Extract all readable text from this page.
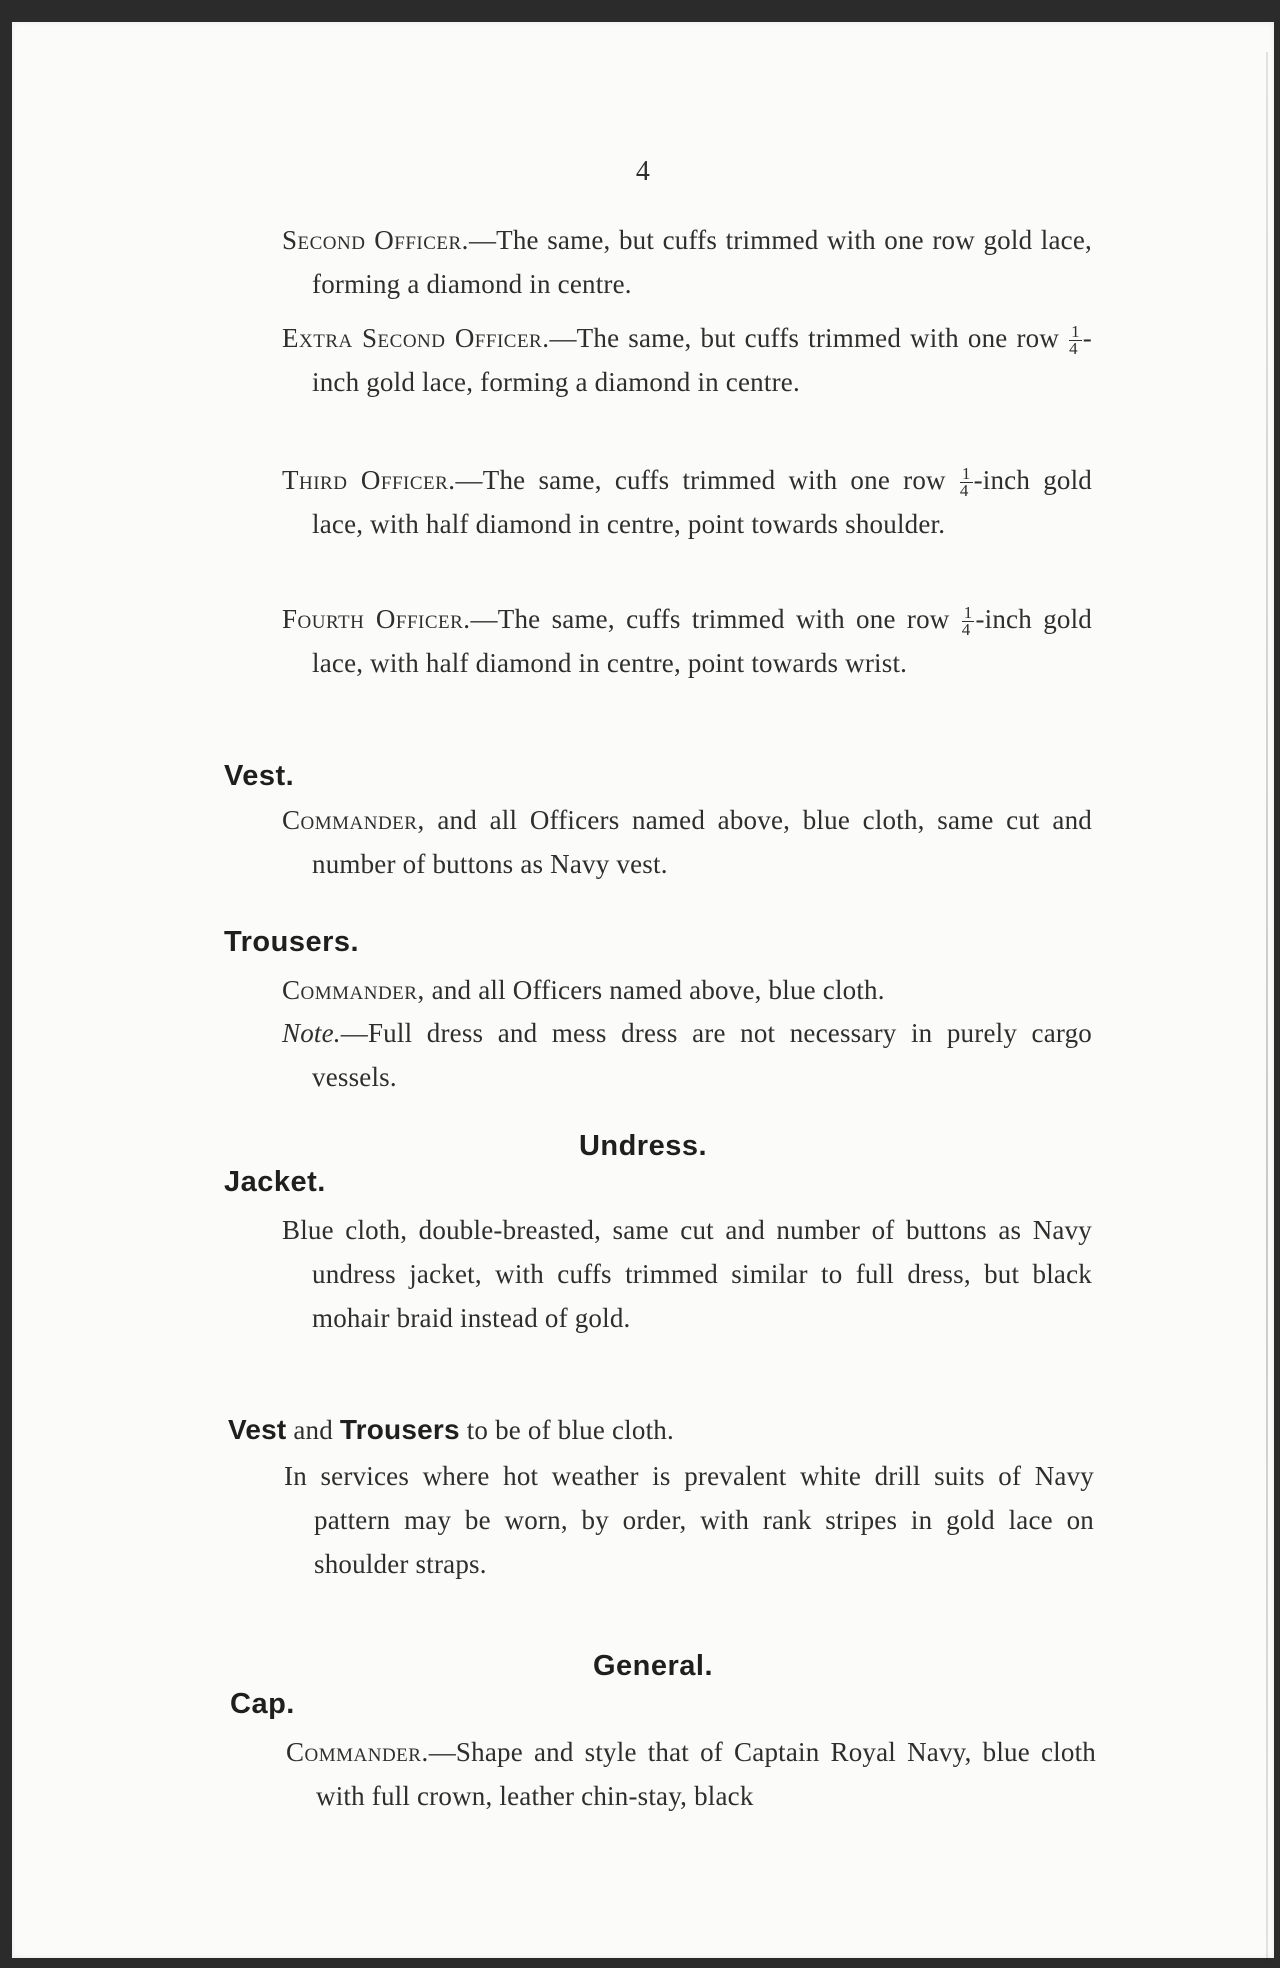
4
Second Officer.—The same, but cuffs trimmed with one row gold lace, forming a diamond in centre.
Extra Second Officer.—The same, but cuffs trimmed with one row $\frac{1}{4}$ -inch gold lace, forming a diamond in centre.
Third Officer.—The same, cuffs trimmed with one row $\frac{1}{4}$ -inch gold lace, with half diamond in centre, point towards shoulder.
Fourth Officer.—The same, cuffs trimmed with one row $\frac{1}{4}$ -inch gold lace, with half diamond in centre, point towards wrist.
Vest.
Commander, and all Officers named above, blue cloth, same cut and number of buttons as Navy vest.
Trousers.
Commander, and all Officers named above, blue cloth.
Note.—Full dress and mess dress are not necessary in purely cargo vessels.
Undress.
Jacket.
Blue cloth, double-breasted, same cut and number of buttons as Navy undress jacket, with cuffs trimmed similar to full dress, but black mohair braid instead of gold.
Vest and Trousers to be of blue cloth.
In services where hot weather is prevalent white drill suits of Navy pattern may be worn, by order, with rank stripes in gold lace on shoulder straps.
General.
Cap.
Commander.—Shape and style that of Captain Royal Navy, blue cloth with full crown, leather chin-stay, black
